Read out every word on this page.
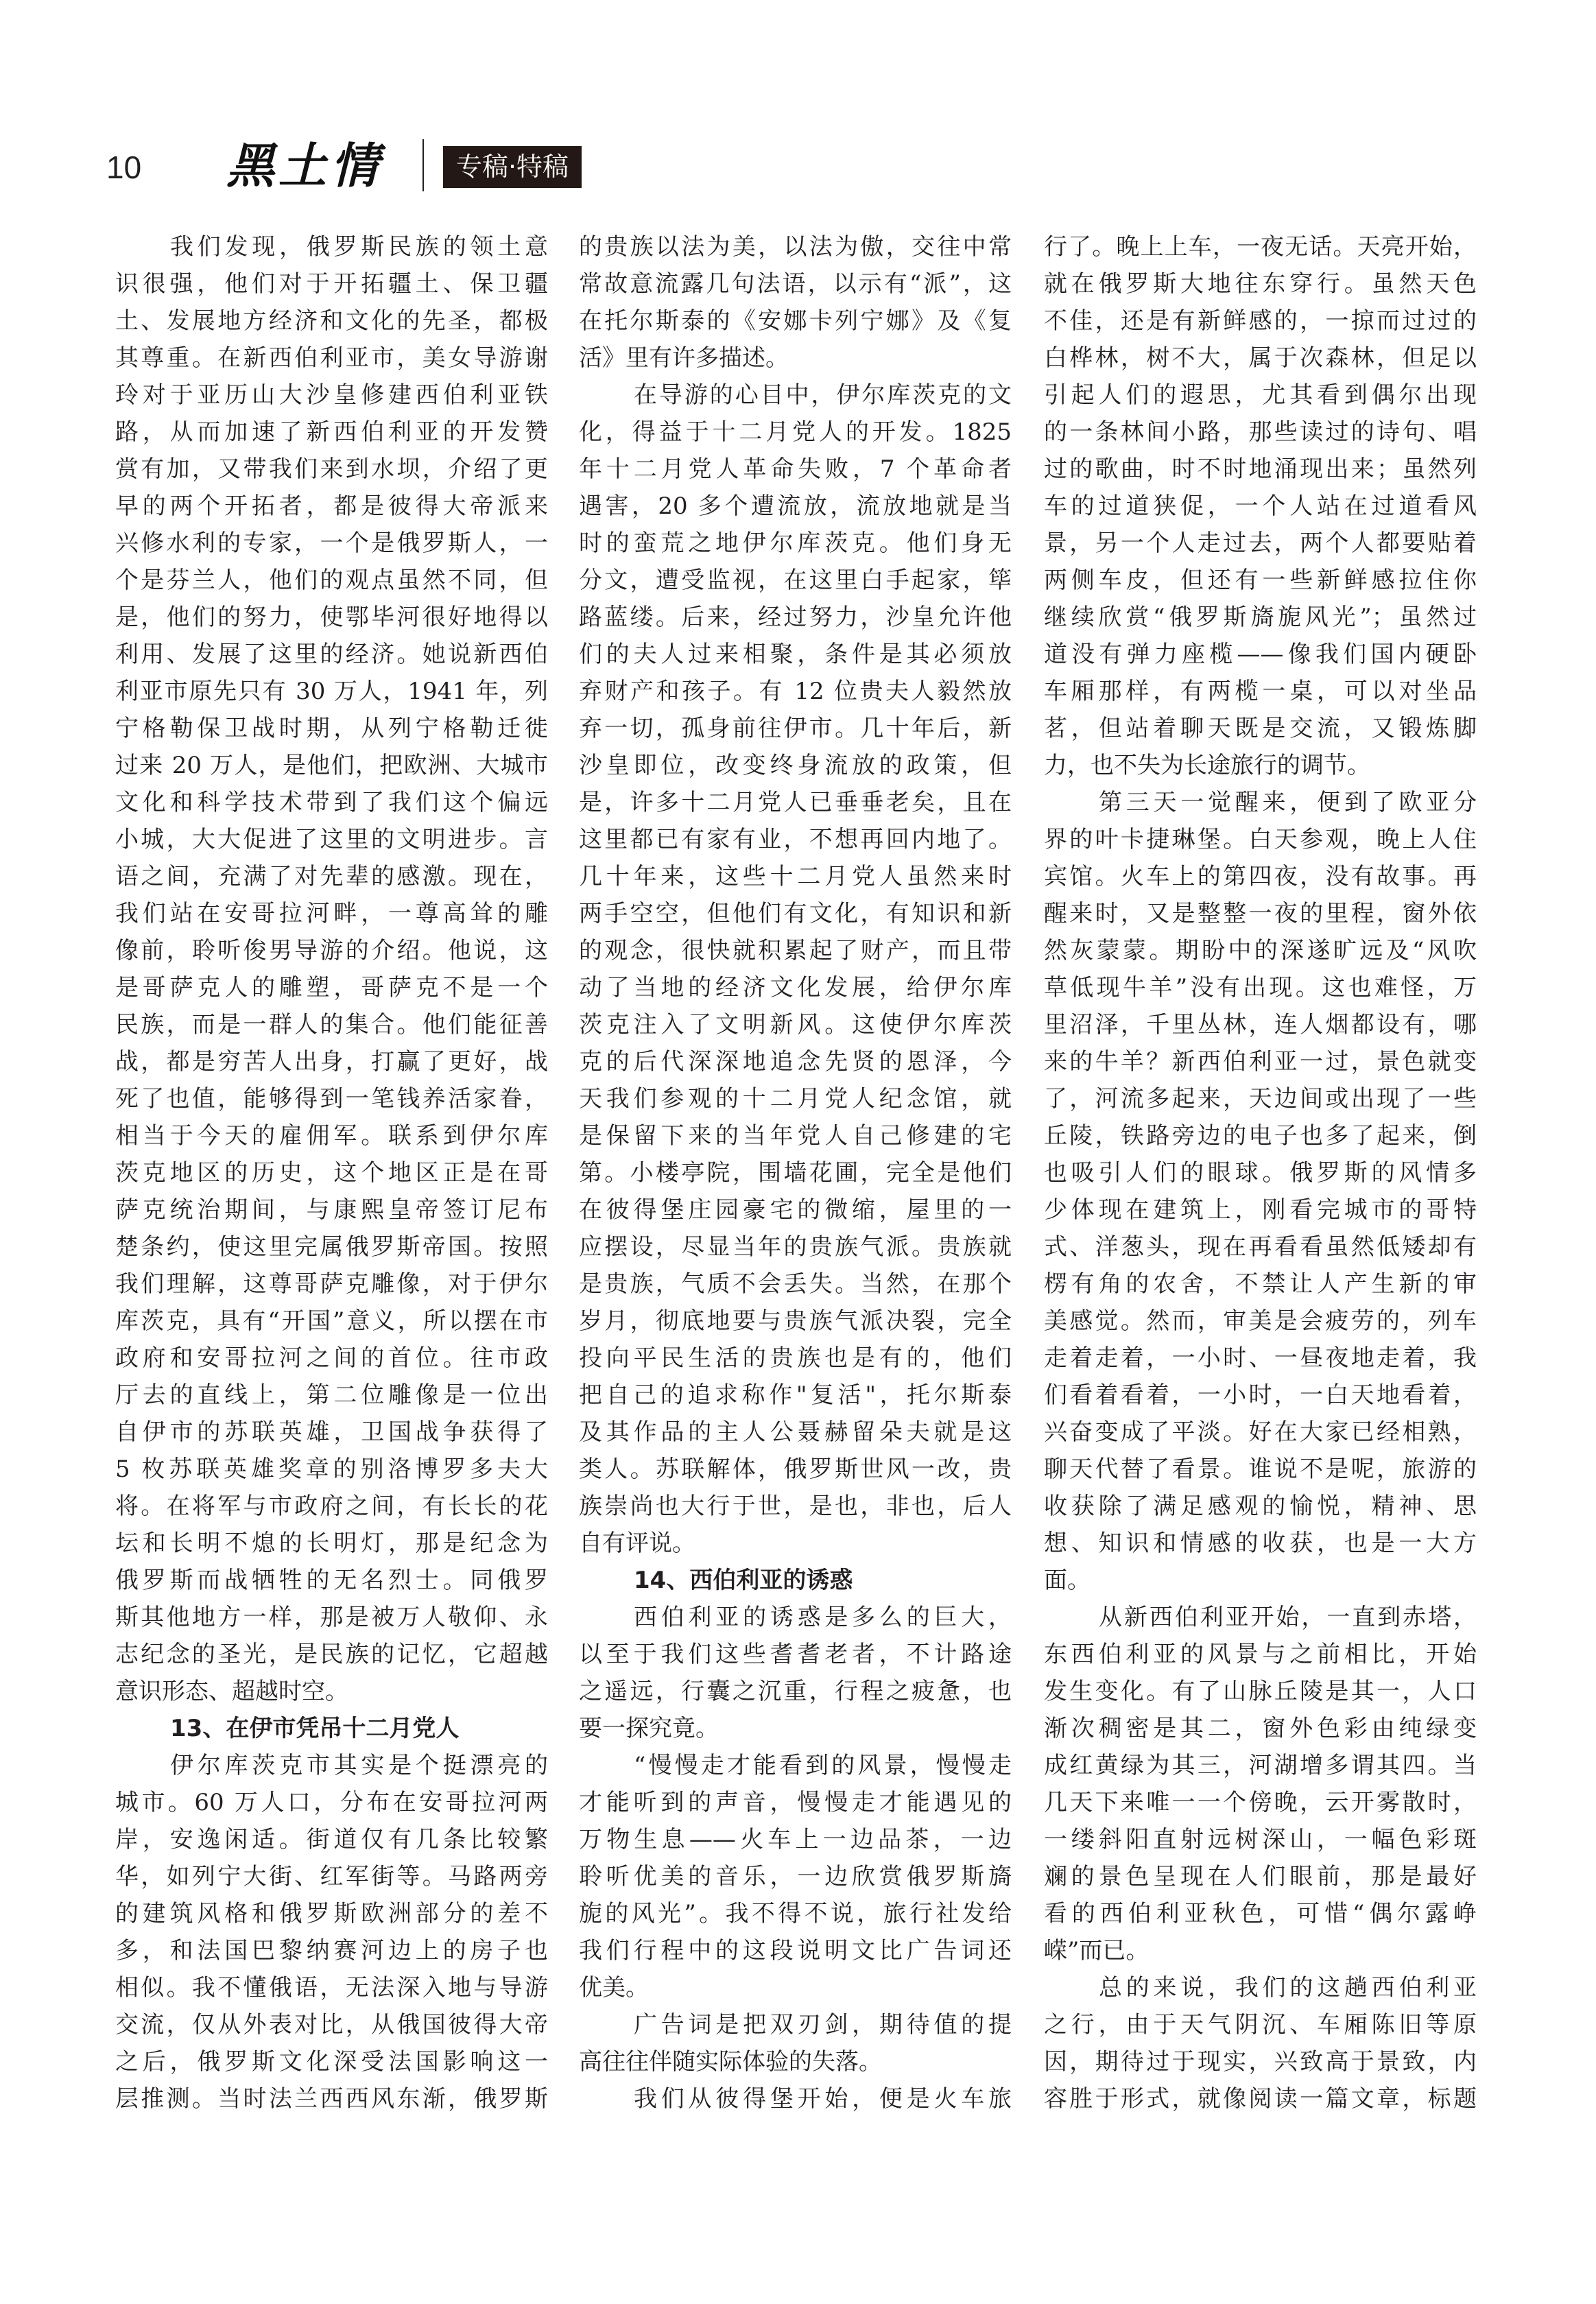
10 黑土情	专稿·特稿
我们发现，俄罗斯民族的领土意
识很强，他们对于开拓疆土、保卫疆
土、发展地方经济和文化的先圣，都极
其尊重。在新西伯利亚市，美女导游谢
玲对于亚历山大沙皇修建西伯利亚铁
路，从而加速了新西伯利亚的开发赞
赏有加，又带我们来到水坝，介绍了更
早的两个开拓者，都是彼得大帝派来
兴修水利的专家，一个是俄罗斯人，一
个是芬兰人，他们的观点虽然不同，但
是，他们的努力，使鄂毕河很好地得以
利用、发展了这里的经济。她说新西伯
利亚市原先只有 30 万人，1941 年，列
宁格勒保卫战时期，从列宁格勒迁徙
过来 20 万人，是他们，把欧洲、大城市
文化和科学技术带到了我们这个偏远
小城，大大促进了这里的文明进步。言
语之间，充满了对先辈的感激。现在，
我们站在安哥拉河畔，一尊高耸的雕
像前，聆听俊男导游的介绍。他说，这
是哥萨克人的雕塑，哥萨克不是一个
民族，而是一群人的集合。他们能征善
战，都是穷苦人出身，打赢了更好，战
死了也值，能够得到一笔钱养活家眷，
相当于今天的雇佣军。联系到伊尔库
茨克地区的历史，这个地区正是在哥
萨克统治期间，与康熙皇帝签订尼布
楚条约，使这里完属俄罗斯帝国。按照
我们理解，这尊哥萨克雕像，对于伊尔
库茨克，具有“开国”意义，所以摆在市
政府和安哥拉河之间的首位。往市政
厅去的直线上，第二位雕像是一位出
自伊市的苏联英雄，卫国战争获得了
5 枚苏联英雄奖章的别洛博罗多夫大
将。在将军与市政府之间，有长长的花
坛和长明不熄的长明灯，那是纪念为
俄罗斯而战牺牲的无名烈士。同俄罗
斯其他地方一样，那是被万人敬仰、永
志纪念的圣光，是民族的记忆，它超越
意识形态、超越时空。
13、在伊市凭吊十二月党人
伊尔库茨克市其实是个挺漂亮的
城市。60 万人口，分布在安哥拉河两
岸，安逸闲适。街道仅有几条比较繁
华，如列宁大街、红军街等。马路两旁
的建筑风格和俄罗斯欧洲部分的差不
多，和法国巴黎纳赛河边上的房子也
相似。我不懂俄语，无法深入地与导游
交流，仅从外表对比，从俄国彼得大帝
之后，俄罗斯文化深受法国影响这一
层推测。当时法兰西西风东渐，俄罗斯
的贵族以法为美，以法为傲，交往中常
常故意流露几句法语，以示有“派”，这
在托尔斯泰的《安娜卡列宁娜》及《复
活》里有许多描述。
在导游的心目中，伊尔库茨克的文
化，得益于十二月党人的开发。1825
年十二月党人革命失败，7 个革命者
遇害，20 多个遭流放，流放地就是当
时的蛮荒之地伊尔库茨克。他们身无
分文，遭受监视，在这里白手起家，筚
路蓝缕。后来，经过努力，沙皇允许他
们的夫人过来相聚，条件是其必须放
弃财产和孩子。有 12 位贵夫人毅然放
弃一切，孤身前往伊市。几十年后，新
沙皇即位，改变终身流放的政策，但
是，许多十二月党人已垂垂老矣，且在
这里都已有家有业，不想再回内地了。
几十年来，这些十二月党人虽然来时
两手空空，但他们有文化，有知识和新
的观念，很快就积累起了财产，而且带
动了当地的经济文化发展，给伊尔库
茨克注入了文明新风。这使伊尔库茨
克的后代深深地追念先贤的恩泽，今
天我们参观的十二月党人纪念馆，就
是保留下来的当年党人自己修建的宅
第。小楼亭院，围墙花圃，完全是他们
在彼得堡庄园豪宅的微缩，屋里的一
应摆设，尽显当年的贵族气派。贵族就
是贵族，气质不会丢失。当然，在那个
岁月，彻底地要与贵族气派决裂，完全
投向平民生活的贵族也是有的，他们
把自己的追求称作"复活"，托尔斯泰
及其作品的主人公聂赫留朵夫就是这
类人。苏联解体，俄罗斯世风一改，贵
族崇尚也大行于世，是也，非也，后人
自有评说。
14、西伯利亚的诱惑
西伯利亚的诱惑是多么的巨大，
以至于我们这些耆耆老者，不计路途
之遥远，行囊之沉重，行程之疲惫，也
要一探究竟。
“慢慢走才能看到的风景，慢慢走
才能听到的声音，慢慢走才能遇见的
万物生息——火车上一边品茶，一边
聆听优美的音乐，一边欣赏俄罗斯旖
旎的风光”。我不得不说，旅行社发给
我们行程中的这段说明文比广告词还
优美。
广告词是把双刃剑，期待值的提
高往往伴随实际体验的失落。
我们从彼得堡开始，便是火车旅
行了。晚上上车，一夜无话。天亮开始，
就在俄罗斯大地往东穿行。虽然天色
不佳，还是有新鲜感的，一掠而过过的
白桦林，树不大，属于次森林，但足以
引起人们的遐思，尤其看到偶尔出现
的一条林间小路，那些读过的诗句、唱
过的歌曲，时不时地涌现出来；虽然列
车的过道狭促，一个人站在过道看风
景，另一个人走过去，两个人都要贴着
两侧车皮，但还有一些新鲜感拉住你
继续欣赏“俄罗斯旖旎风光”；虽然过
道没有弹力座榄——像我们国内硬卧
车厢那样，有两榄一桌，可以对坐品
茗，但站着聊天既是交流，又锻炼脚
力，也不失为长途旅行的调节。
第三天一觉醒来，便到了欧亚分
界的叶卡捷琳堡。白天参观，晚上人住
宾馆。火车上的第四夜，没有故事。再
醒来时，又是整整一夜的里程，窗外依
然灰蒙蒙。期盼中的深遂旷远及“风吹
草低现牛羊”没有出现。这也难怪，万
里沼泽，千里丛林，连人烟都设有，哪
来的牛羊？新西伯利亚一过，景色就变
了，河流多起来，天边间或出现了一些
丘陵，铁路旁边的电子也多了起来，倒
也吸引人们的眼球。俄罗斯的风情多
少体现在建筑上，刚看完城市的哥特
式、洋葱头，现在再看看虽然低矮却有
楞有角的农舍，不禁让人产生新的审
美感觉。然而，审美是会疲劳的，列车
走着走着，一小时、一昼夜地走着，我
们看着看着，一小时，一白天地看着，
兴奋变成了平淡。好在大家已经相熟，
聊天代替了看景。谁说不是呢，旅游的
收获除了满足感观的愉悦，精神、思
想、知识和情感的收获，也是一大方
面。
从新西伯利亚开始，一直到赤塔，
东西伯利亚的风景与之前相比，开始
发生变化。有了山脉丘陵是其一，人口
渐次稠密是其二，窗外色彩由纯绿变
成红黄绿为其三，河湖增多谓其四。当
几天下来唯一一个傍晚，云开雾散时，
一缕斜阳直射远树深山，一幅色彩斑
斓的景色呈现在人们眼前，那是最好
看的西伯利亚秋色，可惜“偶尔露峥
嵘”而已。
总的来说，我们的这趟西伯利亚
之行，由于天气阴沉、车厢陈旧等原
因，期待过于现实，兴致高于景致，内
容胜于形式，就像阅读一篇文章，标题
